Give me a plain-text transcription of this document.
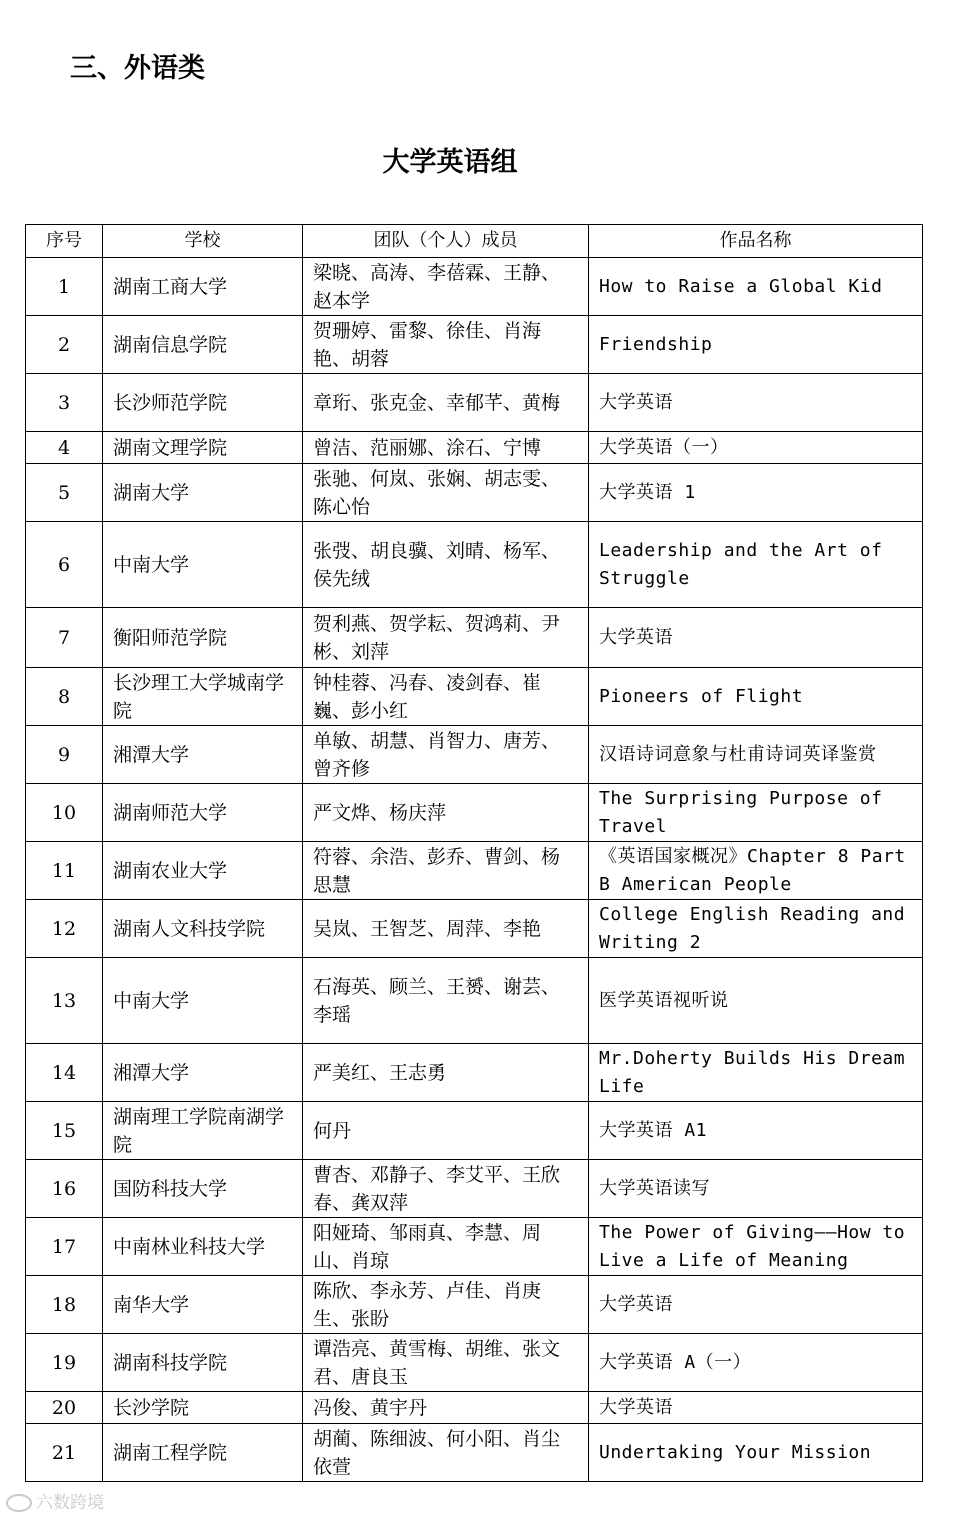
三、外语类
大学英语组
序号	学校	团队（个人）成员	作品名称
1	湖南工商大学	梁晓、高涛、李蓓霖、王静、赵本学	How to Raise a Global Kid
2	湖南信息学院	贺珊婷、雷黎、徐佳、肖海艳、胡蓉	Friendship
3	长沙师范学院	章珩、张克金、幸郁芊、黄梅	大学英语
4	湖南文理学院	曾洁、范丽娜、涂石、宁博	大学英语（一）
5	湖南大学	张驰、何岚、张娴、胡志雯、陈心怡	大学英语 1
6	中南大学	张弢、胡良骥、刘晴、杨军、侯先绒	Leadership and the Art of Struggle
7	衡阳师范学院	贺利燕、贺学耘、贺鸿莉、尹彬、刘萍	大学英语
8	长沙理工大学城南学院	钟桂蓉、冯春、凌剑春、崔巍、彭小红	Pioneers of Flight
9	湘潭大学	单敏、胡慧、肖智力、唐芳、曾齐修	汉语诗词意象与杜甫诗词英译鉴赏
10	湖南师范大学	严文烨、杨庆萍	The Surprising Purpose of Travel
11	湖南农业大学	符蓉、余浩、彭乔、曹剑、杨思慧	《英语国家概况》Chapter 8 Part B American People
12	湖南人文科技学院	吴岚、王智芝、周萍、李艳	College English Reading and Writing 2
13	中南大学	石海英、顾兰、王赟、谢芸、李瑶	医学英语视听说
14	湘潭大学	严美红、王志勇	Mr.Doherty Builds His Dream Life
15	湖南理工学院南湖学院	何丹	大学英语 A1
16	国防科技大学	曹杏、邓静子、李艾平、王欣春、龚双萍	大学英语读写
17	中南林业科技大学	阳娅琦、邹雨真、李慧、周山、肖琼	The Power of Giving——How to Live a Life of Meaning
18	南华大学	陈欣、李永芳、卢佳、肖庚生、张盼	大学英语
19	湖南科技学院	谭浩亮、黄雪梅、胡维、张文君、唐良玉	大学英语 A（一）
20	长沙学院	冯俊、黄宇丹	大学英语
21	湖南工程学院	胡蔺、陈细波、何小阳、肖尘依萱	Undertaking Your Mission
六数跨境
